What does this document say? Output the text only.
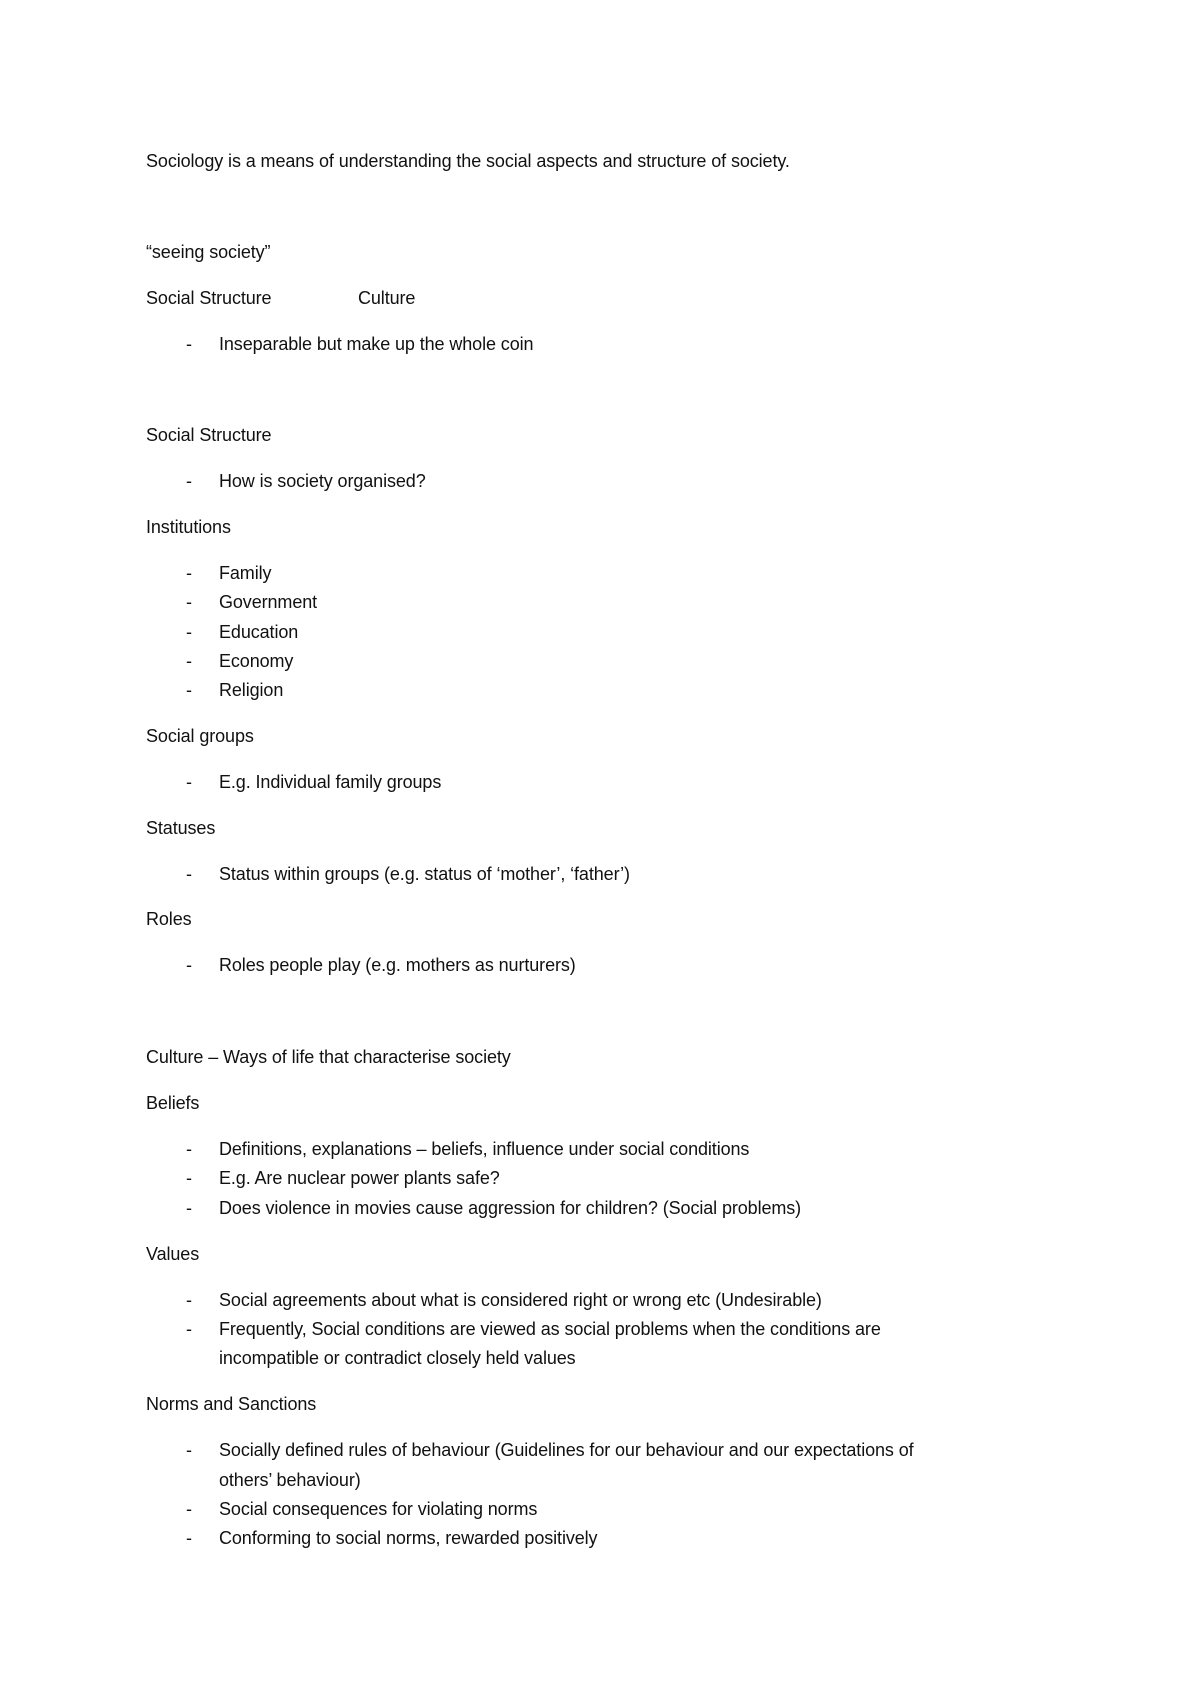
Sociology is a means of understanding the social aspects and structure of society.
“seeing society”
Social Structure	Culture
- Inseparable but make up the whole coin
Social Structure
- How is society organised?
Institutions
- Family
- Government
- Education
- Economy
- Religion
Social groups
- E.g. Individual family groups
Statuses
- Status within groups (e.g. status of ‘mother’, ‘father’)
Roles
- Roles people play (e.g. mothers as nurturers)
Culture – Ways of life that characterise society
Beliefs
- Definitions, explanations – beliefs, influence under social conditions
- E.g. Are nuclear power plants safe?
- Does violence in movies cause aggression for children? (Social problems)
Values
- Social agreements about what is considered right or wrong etc (Undesirable)
- Frequently, Social conditions are viewed as social problems when the conditions are
incompatible or contradict closely held values
Norms and Sanctions
- Socially defined rules of behaviour (Guidelines for our behaviour and our expectations of
others’ behaviour)
- Social consequences for violating norms
- Conforming to social norms, rewarded positively
